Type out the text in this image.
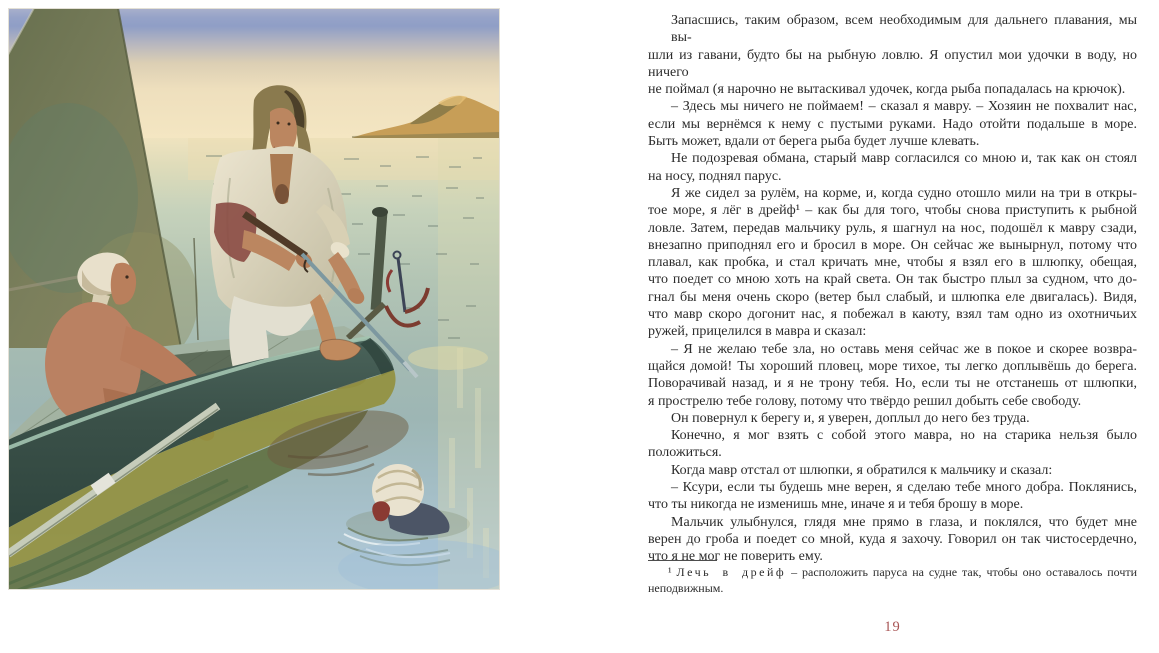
Запасшись, таким образом, всем необходимым для дальнего плавания, мы вы-
шли из гавани, будто бы на рыбную ловлю. Я опустил мои удочки в воду, но ничего
не поймал (я нарочно не вытаскивал удочек, когда рыба попадалась на крючок).
– Здесь мы ничего не поймаем! – сказал я мавру. – Хозяин не похвалит нас,
если мы вернёмся к нему с пустыми руками. Надо отойти подальше в море.
Быть может, вдали от берега рыба будет лучше клевать.
Не подозревая обмана, старый мавр согласился со мною и, так как он стоял
на носу, поднял парус.
Я же сидел за рулём, на корме, и, когда судно отошло мили на три в откры-
тое море, я лёг в дрейф¹ – как бы для того, чтобы снова приступить к рыбной
ловле. Затем, передав мальчику руль, я шагнул на нос, подошёл к мавру сзади,
внезапно приподнял его и бросил в море. Он сейчас же вынырнул, потому что
плавал, как пробка, и стал кричать мне, чтобы я взял его в шлюпку, обещая,
что поедет со мною хоть на край света. Он так быстро плыл за судном, что до-
гнал бы меня очень скоро (ветер был слабый, и шлюпка еле двигалась). Видя,
что мавр скоро догонит нас, я побежал в каюту, взял там одно из охотничьих
ружей, прицелился в мавра и сказал:
– Я не желаю тебе зла, но оставь меня сейчас же в покое и скорее возвра-
щайся домой! Ты хороший пловец, море тихое, ты легко доплывёшь до берега.
Поворачивай назад, и я не трону тебя. Но, если ты не отстанешь от шлюпки,
я прострелю тебе голову, потому что твёрдо решил добыть себе свободу.
Он повернул к берегу и, я уверен, доплыл до него без труда.
Конечно, я мог взять с собой этого мавра, но на старика нельзя было
положиться.
Когда мавр отстал от шлюпки, я обратился к мальчику и сказал:
– Ксури, если ты будешь мне верен, я сделаю тебе много добра. Поклянись,
что ты никогда не изменишь мне, иначе я и тебя брошу в море.
Мальчик улыбнулся, глядя мне прямо в глаза, и поклялся, что будет мне
верен до гроба и поедет со мной, куда я захочу. Говорил он так чистосердечно,
что я не мог не поверить ему.
¹ Лечь в дрейф – расположить паруса на судне так, чтобы оно оставалось почти
неподвижным.
19
